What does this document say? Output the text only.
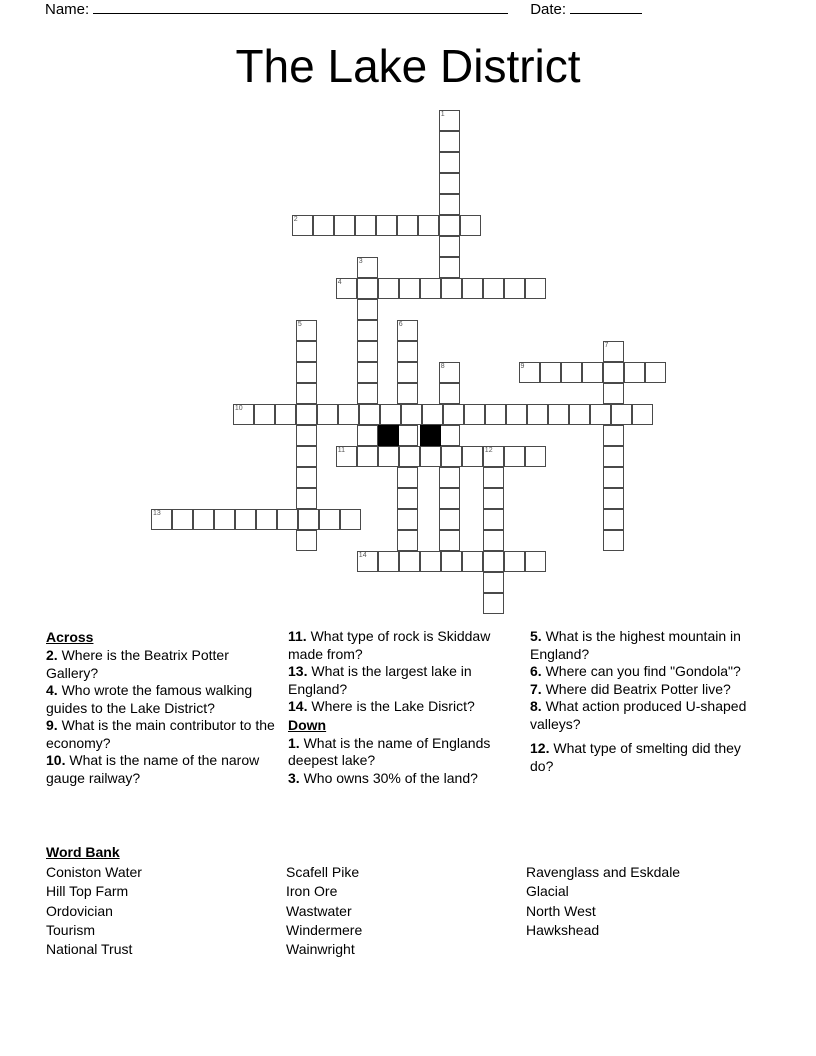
Name:	Date:
The Lake District
1
2
3
4
5	6
7
8	9
10
11	12
13
14
Across

2. Where is the Beatrix Potter Gallery?

4. Who wrote the famous walking guides to the Lake District?

9. What is the main contributor to the economy?

10. What is the name of the narow gauge railway?

11. What type of rock is Skiddaw made from?

13. What is the largest lake in England?

14. Where is the Lake Disrict?

Down

1. What is the name of Englands deepest lake?

3. Who owns 30% of the land?

5. What is the highest mountain in England?

6. Where can you find "Gondola"?

7. Where did Beatrix Potter live?

8. What action produced U-shaped valleys?

12. What type of smelting did they do?

Word Bank
Coniston Water
Hill Top Farm
Ordovician
Tourism
National Trust
Scafell Pike
Iron Ore
Wastwater
Windermere
Wainwright
Ravenglass and Eskdale
Glacial
North West
Hawkshead
